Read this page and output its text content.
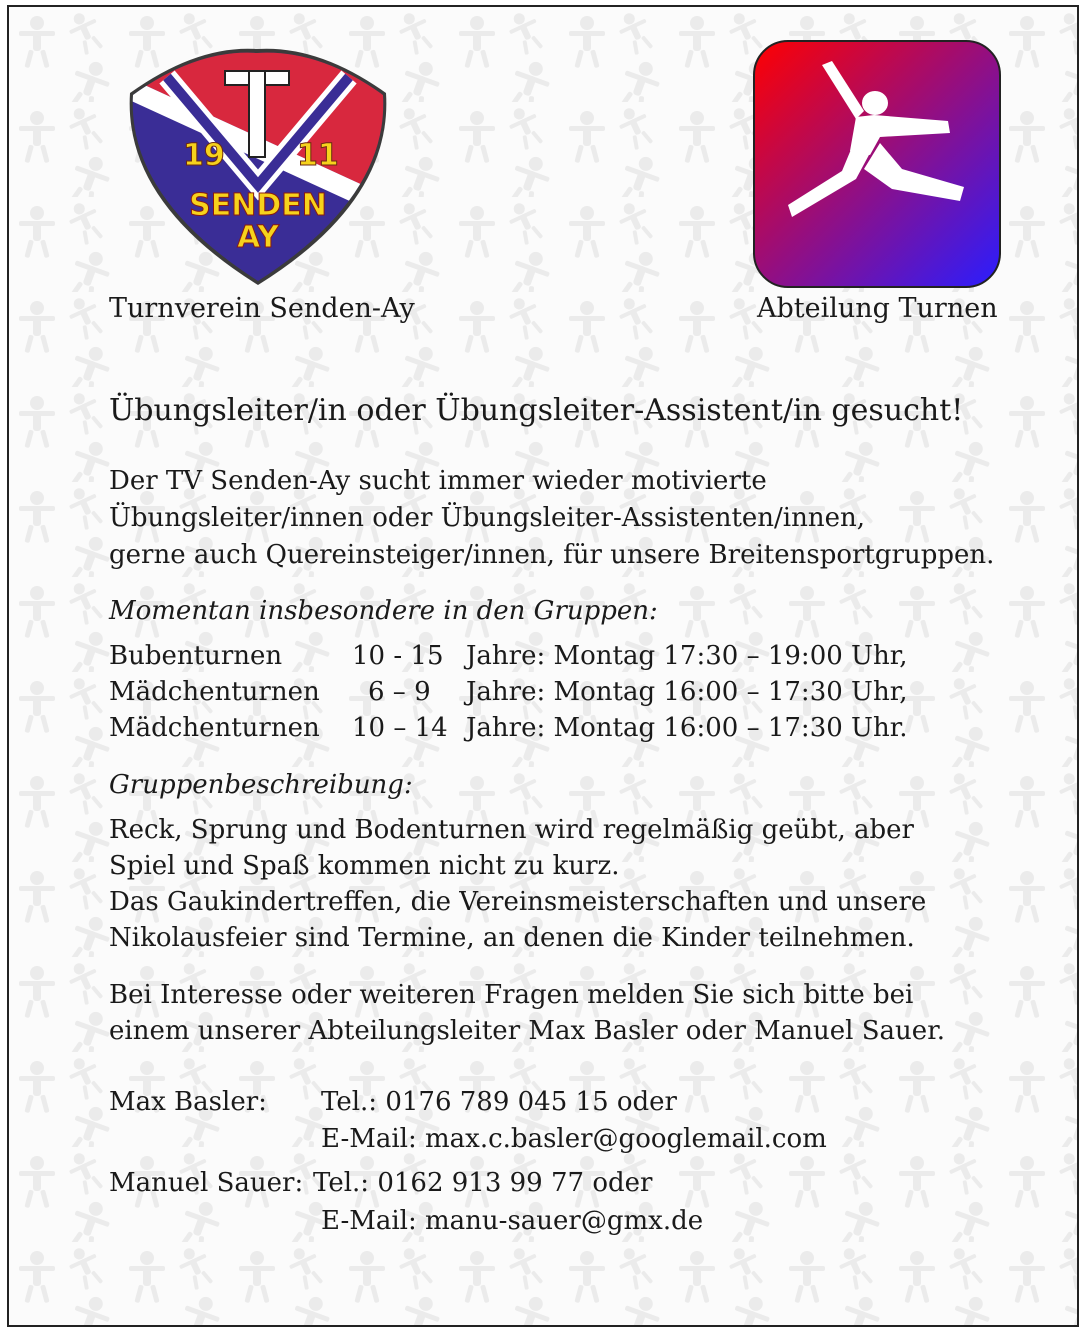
19 11
SENDEN
AY

Turnverein Senden-Ay	Abteilung Turnen

Übungsleiter/in oder Übungsleiter-Assistent/in gesucht!

Der TV Senden-Ay sucht immer wieder motivierte

Übungsleiter/innen oder Übungsleiter-Assistenten/innen,

gerne auch Quereinsteiger/innen, für unsere Breitensportgruppen.

Momentan insbesondere in den Gruppen:

Bubenturnen	10 - 15 Jahre: Montag 17:30 – 19:00 Uhr,
Mädchenturnen 6 – 9 Jahre: Montag 16:00 – 17:30 Uhr,
Mädchenturnen 10 – 14 Jahre: Montag 16:00 – 17:30 Uhr.

Gruppenbeschreibung:

Reck, Sprung und Bodenturnen wird regelmäßig geübt, aber

Spiel und Spaß kommen nicht zu kurz.

Das Gaukindertreffen, die Vereinsmeisterschaften und unsere

Nikolausfeier sind Termine, an denen die Kinder teilnehmen.

Bei Interesse oder weiteren Fragen melden Sie sich bitte bei

einem unserer Abteilungsleiter Max Basler oder Manuel Sauer.

Max Basler: Tel.: 0176 789 045 15 oder

E-Mail: max.c.basler@googlemail.com

Manuel Sauer: Tel.: 0162 913 99 77 oder

E-Mail: manu-sauer@gmx.de
